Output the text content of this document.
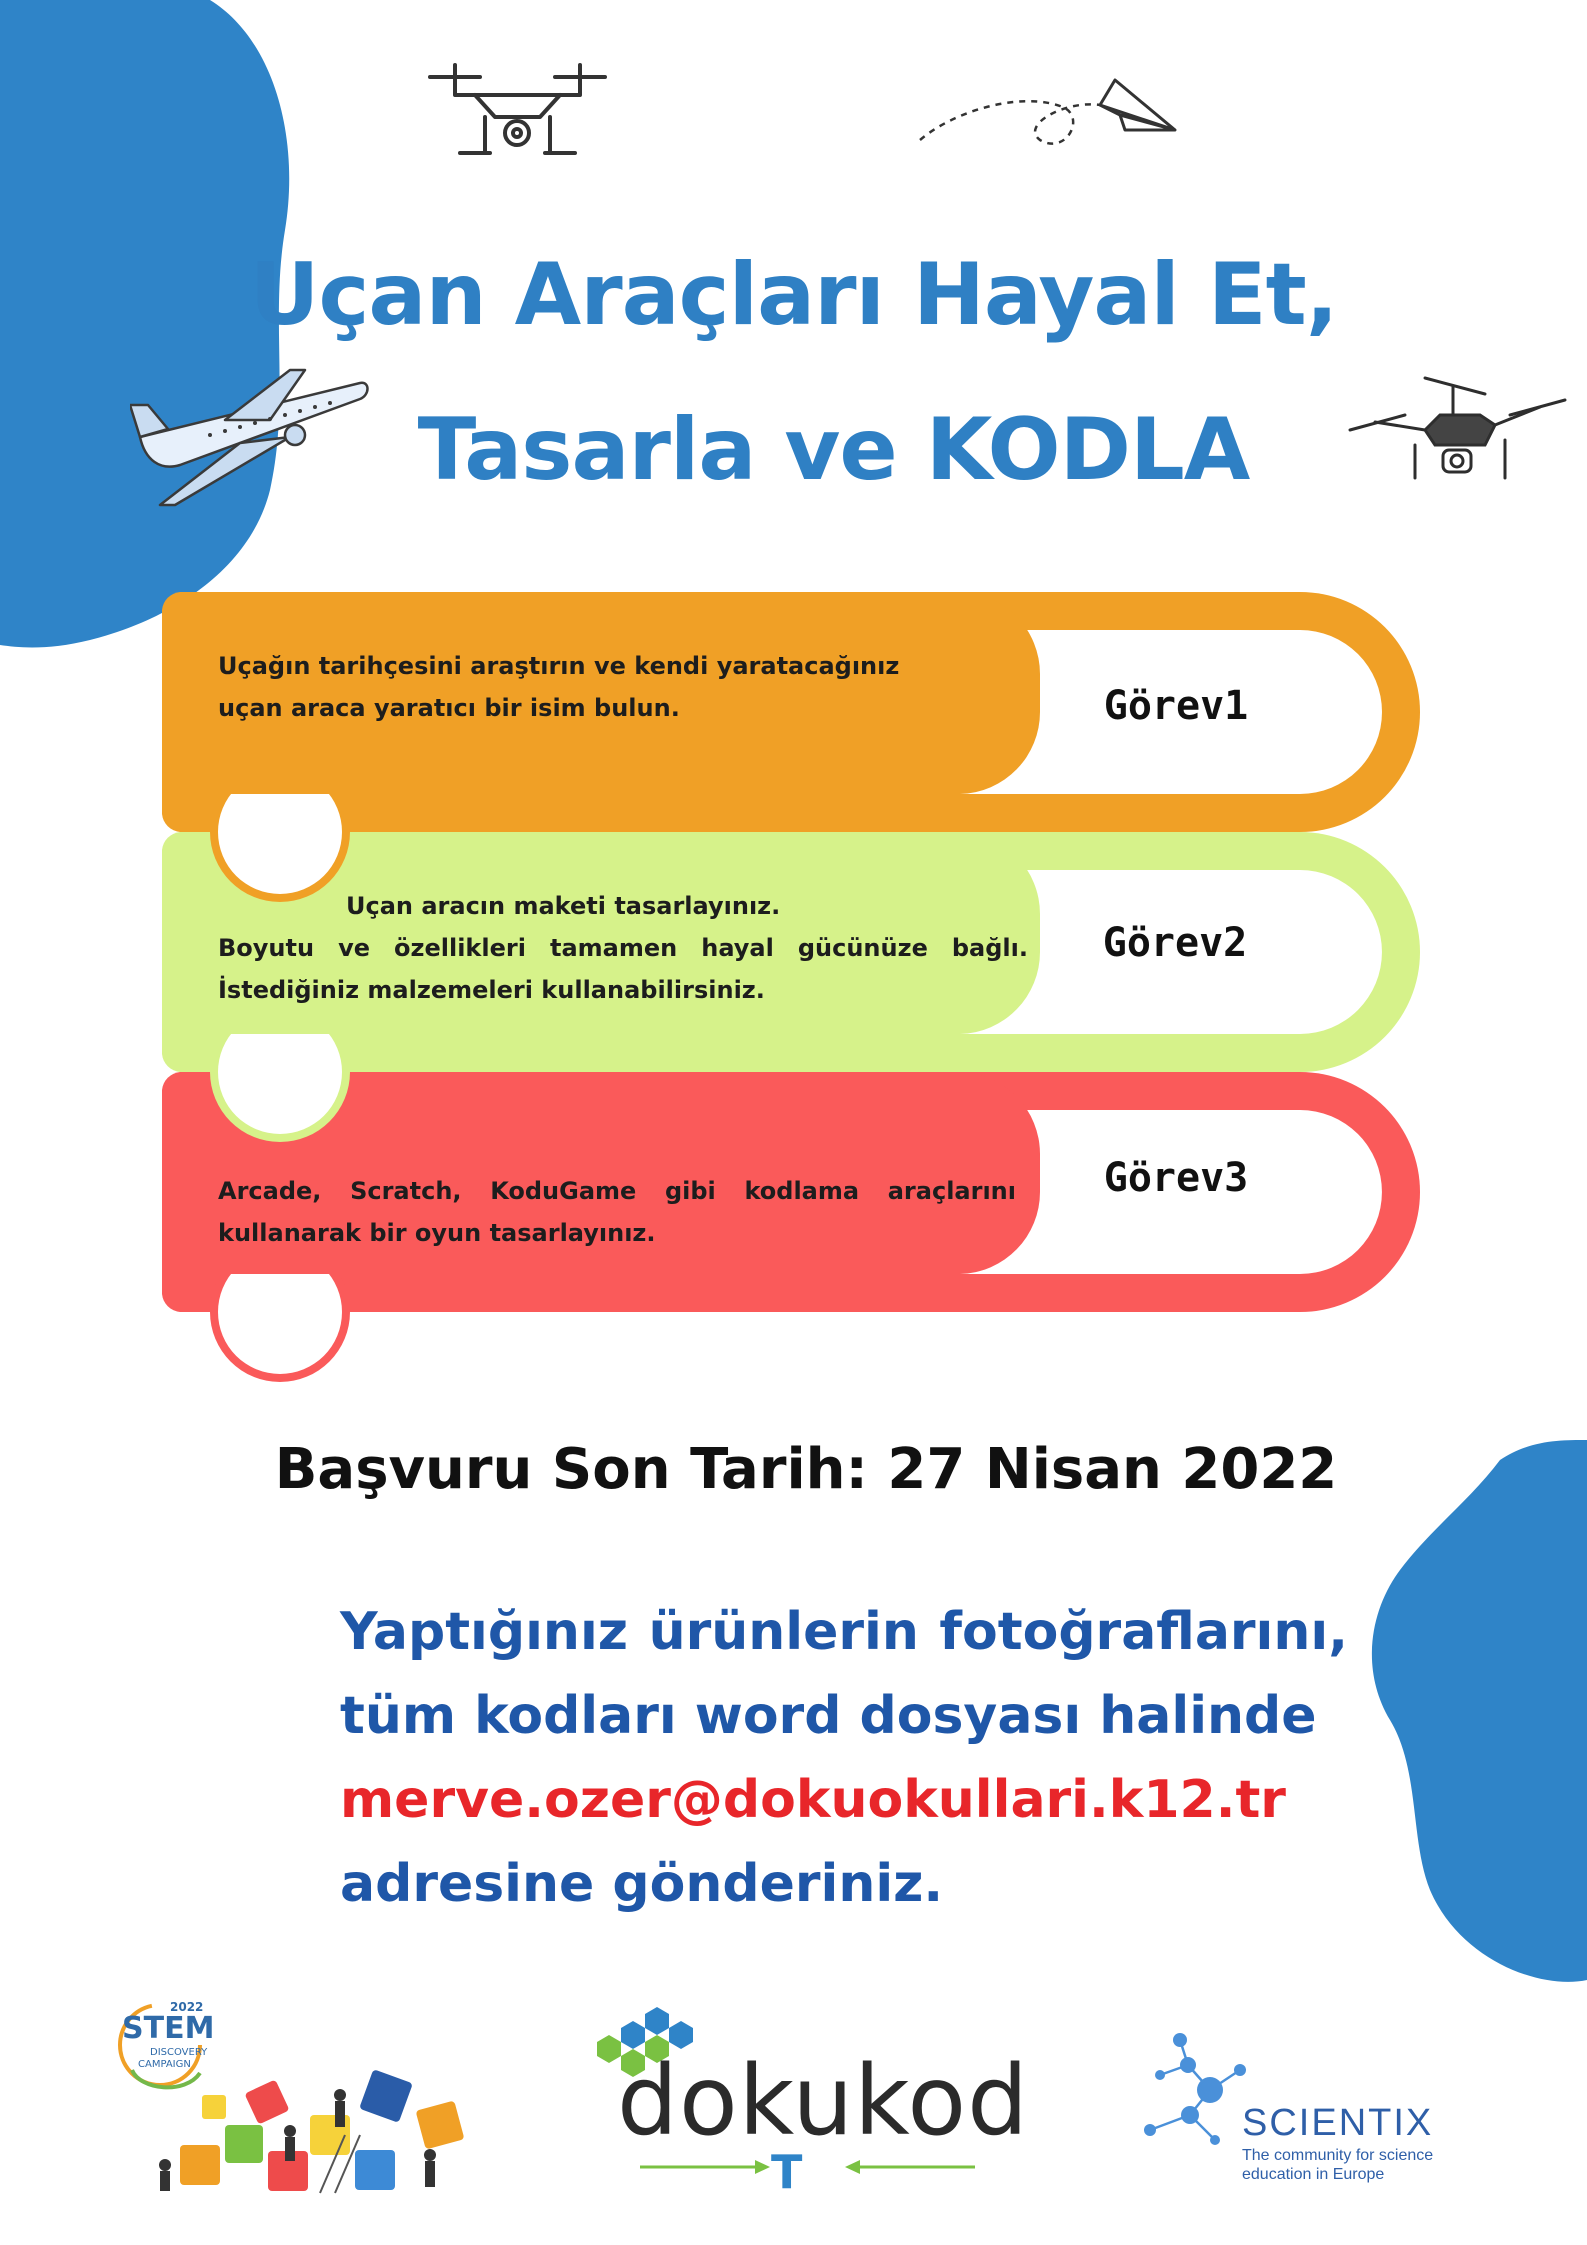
Uçan Araçları Hayal Et,
Tasarla ve KODLA
Uçağın tarihçesini araştırın ve kendi yaratacağınız
uçan araca yaratıcı bir isim bulun.	Görev1
Uçan aracın maketi tasarlayınız.
Boyutu ve özellikleri tamamen hayal gücünüze bağlı.
İstediğiniz malzemeleri kullanabilirsiniz.
Görev2
Arcade, Scratch, KoduGame gibi kodlama araçlarını
kullanarak bir oyun tasarlayınız.
Görev3
Başvuru Son Tarih: 27 Nisan 2022
Yaptığınız ürünlerin fotoğraflarını,
tüm kodları word dosyası halinde
merve.ozer@dokuokullari.k12.tr
adresine gönderiniz.
2022
STEM
DISCOVERY
CAMPAIGN	dokukod
T
SCIENTIX
The community for science
education in Europe
